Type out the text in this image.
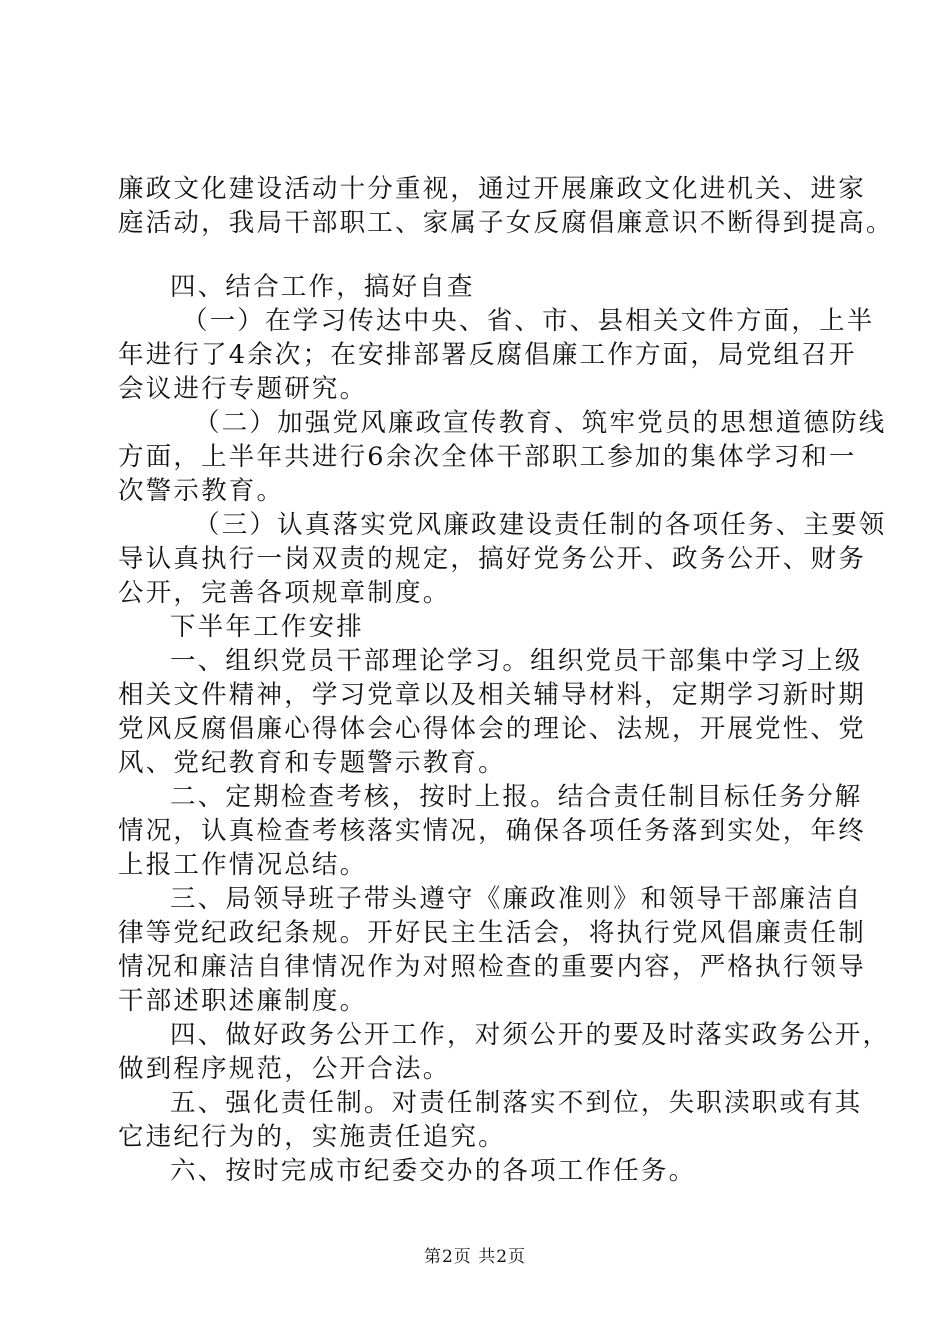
廉政文化建设活动十分重视，通过开展廉政文化进机关、进家
庭活动，我局干部职工、家属子女反腐倡廉意识不断得到提高。
四、结合工作，搞好自查
（一）在学习传达中央、省、市、县相关文件方面，上半
年进行了4余次；在安排部署反腐倡廉工作方面，局党组召开
会议进行专题研究。
（二）加强党风廉政宣传教育、筑牢党员的思想道德防线
方面，上半年共进行6余次全体干部职工参加的集体学习和一
次警示教育。
（三）认真落实党风廉政建设责任制的各项任务、主要领
导认真执行一岗双责的规定，搞好党务公开、政务公开、财务
公开，完善各项规章制度。
下半年工作安排
一、组织党员干部理论学习。组织党员干部集中学习上级
相关文件精神，学习党章以及相关辅导材料，定期学习新时期
党风反腐倡廉心得体会心得体会的理论、法规，开展党性、党
风、党纪教育和专题警示教育。
二、定期检查考核，按时上报。结合责任制目标任务分解
情况，认真检查考核落实情况，确保各项任务落到实处，年终
上报工作情况总结。
三、局领导班子带头遵守《廉政准则》和领导干部廉洁自
律等党纪政纪条规。开好民主生活会，将执行党风倡廉责任制
情况和廉洁自律情况作为对照检查的重要内容，严格执行领导
干部述职述廉制度。
四、做好政务公开工作，对须公开的要及时落实政务公开，
做到程序规范，公开合法。
五、强化责任制。对责任制落实不到位，失职渎职或有其
它违纪行为的，实施责任追究。
六、按时完成市纪委交办的各项工作任务。
第2页 共2页
